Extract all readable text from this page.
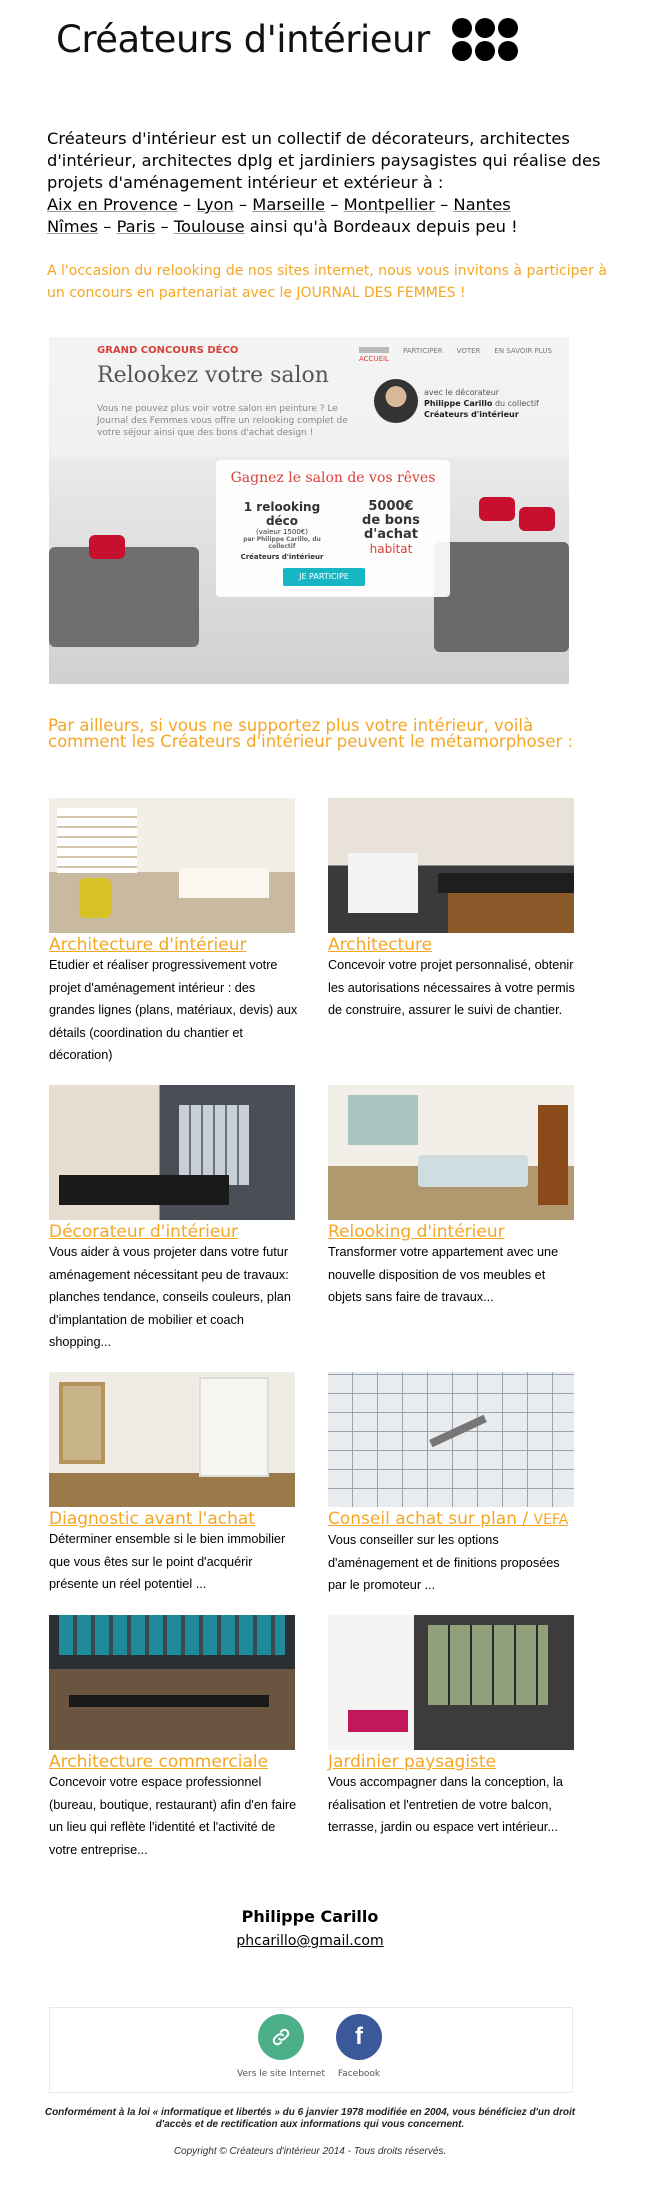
Créateurs d'intérieur
Créateurs d'intérieur est un collectif de décorateurs, architectes d'intérieur, architectes dplg et jardiniers paysagistes qui réalise des projets d'aménagement intérieur et extérieur à :
Aix en Provence – Lyon – Marseille – Montpellier – Nantes
Nîmes – Paris – Toulouse ainsi qu'à Bordeaux depuis peu !
A l'occasion du relooking de nos sites internet, nous vous invitons à participer à un concours en partenariat avec le JOURNAL DES FEMMES !
GRAND CONCOURS DÉCO
Relookez votre salon
Vous ne pouvez plus voir votre salon en peinture ? Le Journal des Femmes vous offre un relooking complet de votre séjour ainsi que des bons d'achat design !
ACCUEIL
PARTICIPER VOTER EN SAVOIR PLUS
avec le décorateur
Philippe Carillo du collectif
Créateurs d'intérieur
Gagnez le salon de vos rêves
1 relooking déco
(valeur 1500€)
par Philippe Carillo, du collectif
Créateurs d'intérieur
5000€
de bons d'achat
habitat
JE PARTICIPE
Par ailleurs, si vous ne supportez plus votre intérieur, voilà comment les Créateurs d'intérieur peuvent le métamorphoser :
Architecture d'intérieur
Etudier et réaliser progressivement votre projet d'aménagement intérieur : des grandes lignes (plans, matériaux, devis) aux détails (coordination du chantier et décoration)
Architecture
Concevoir votre projet personnalisé, obtenir les autorisations nécessaires à votre permis de construire, assurer le suivi de chantier.
Décorateur d'intérieur
Vous aider à vous projeter dans votre futur aménagement nécessitant peu de travaux: planches tendance, conseils couleurs, plan d'implantation de mobilier et coach shopping...
Relooking d'intérieur
Transformer votre appartement avec une nouvelle disposition de vos meubles et objets sans faire de travaux...
Diagnostic avant l'achat
Déterminer ensemble si le bien immobilier que vous êtes sur le point d'acquérir présente un réel potentiel ...
Conseil achat sur plan / VEFA
Vous conseiller sur les options d'aménagement et de finitions proposées par le promoteur ...
Architecture commerciale
Concevoir votre espace professionnel (bureau, boutique, restaurant) afin d'en faire un lieu qui reflète l'identité et l'activité de votre entreprise...
Jardinier paysagiste
Vous accompagner dans la conception, la réalisation et l'entretien de votre balcon, terrasse, jardin ou espace vert intérieur...
Philippe Carillo
phcarillo@gmail.com
Vers le site Internet
f
Facebook
Conformément à la loi « informatique et libertés » du 6 janvier 1978 modifiée en 2004, vous bénéficiez d'un droit d'accès et de rectification aux informations qui vous concernent.
Copyright © Créateurs d'intérieur 2014 - Tous droits réservés.
